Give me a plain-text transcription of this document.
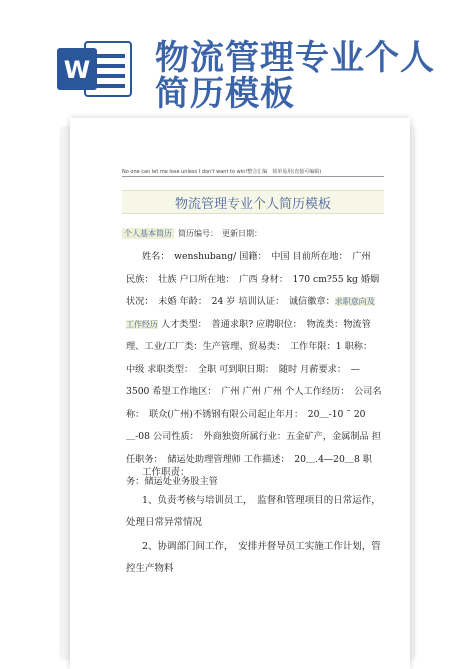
W 物流管理专业个人
简历模板
No one can let me lose unless I don't want to win!整合汇编　简单易用(直接可编辑)
物流管理专业个人简历模板
个人基本简历 简历编号：　更新日期：
姓名：　wenshubang/ 国籍：　中国 目前所在地：　广州 民族：　壮族 户口所在地：　广西 身材：　170 cm?55 kg 婚姻状况：　未婚 年龄：　24 岁 培训认证：　诚信徽章：求职意向及工作经历 人才类型：　普通求职? 应聘职位：　物流类：物流管理、工业/工厂类：生产管理、贸易类：　工作年限：1 职称：　中级 求职类型：　全职 可到职日期：　随时 月薪要求：　—3500 希望工作地区：　广州 广州 广州 个人工作经历：　公司名称：　联众(广州)不锈钢有限公司起止年月：　20＿-10 ˜ 20＿-08 公司性质：　外商独资所属行业：五金矿产，金属制品 担任职务：　储运处助理管理师 工作描述：　20＿.4—20＿8 职务：储运处业务股主管
工作职责：
1、负责考核与培训员工，　监督和管理项目的日常运作，　处理日常异常情况
2、协调部门间工作，　安排并督导员工实施工作计划，管控生产物料
